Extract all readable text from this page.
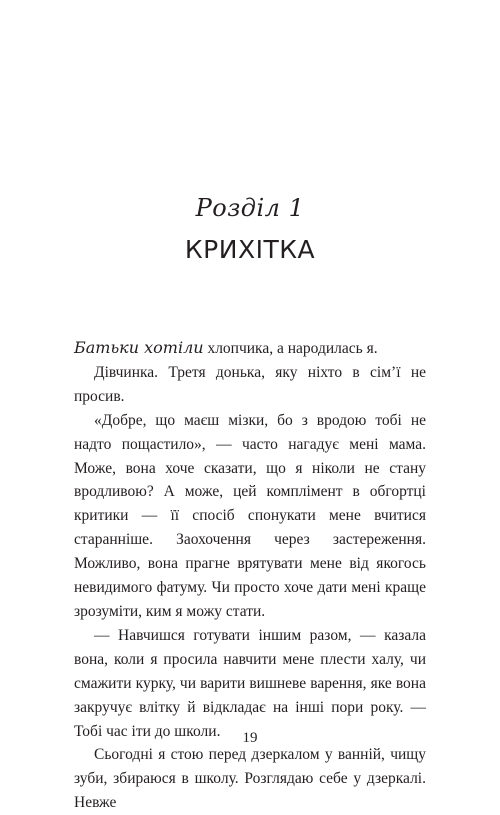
Розділ 1
КРИХІТКА

Батьки хотіли хлопчика, а народилась я.

Дівчинка. Третя донька, яку ніхто в сім’ї не просив.

«Добре, що маєш мізки, бо з вродою тобі не надто пощастило», — часто нагадує мені мама. Може, вона хоче сказати, що я ніколи не стану вродливою? А може, цей комплімент в обгортці критики — її спосіб спонукати мене вчитися старанніше. Заохочення через застереження. Можливо, вона прагне врятувати мене від якогось невидимого фатуму. Чи просто хоче дати мені краще зрозуміти, ким я можу стати.

— Навчишся готувати іншим разом, — казала вона, коли я просила навчити мене плести халу, чи смажити курку, чи варити вишневе варення, яке вона закручує влітку й відкладає на інші пори року. — Тобі час іти до школи.

Сьогодні я стою перед дзеркалом у ванній, чищу зуби, збираюся в школу. Розглядаю себе у дзеркалі. Невже

19
